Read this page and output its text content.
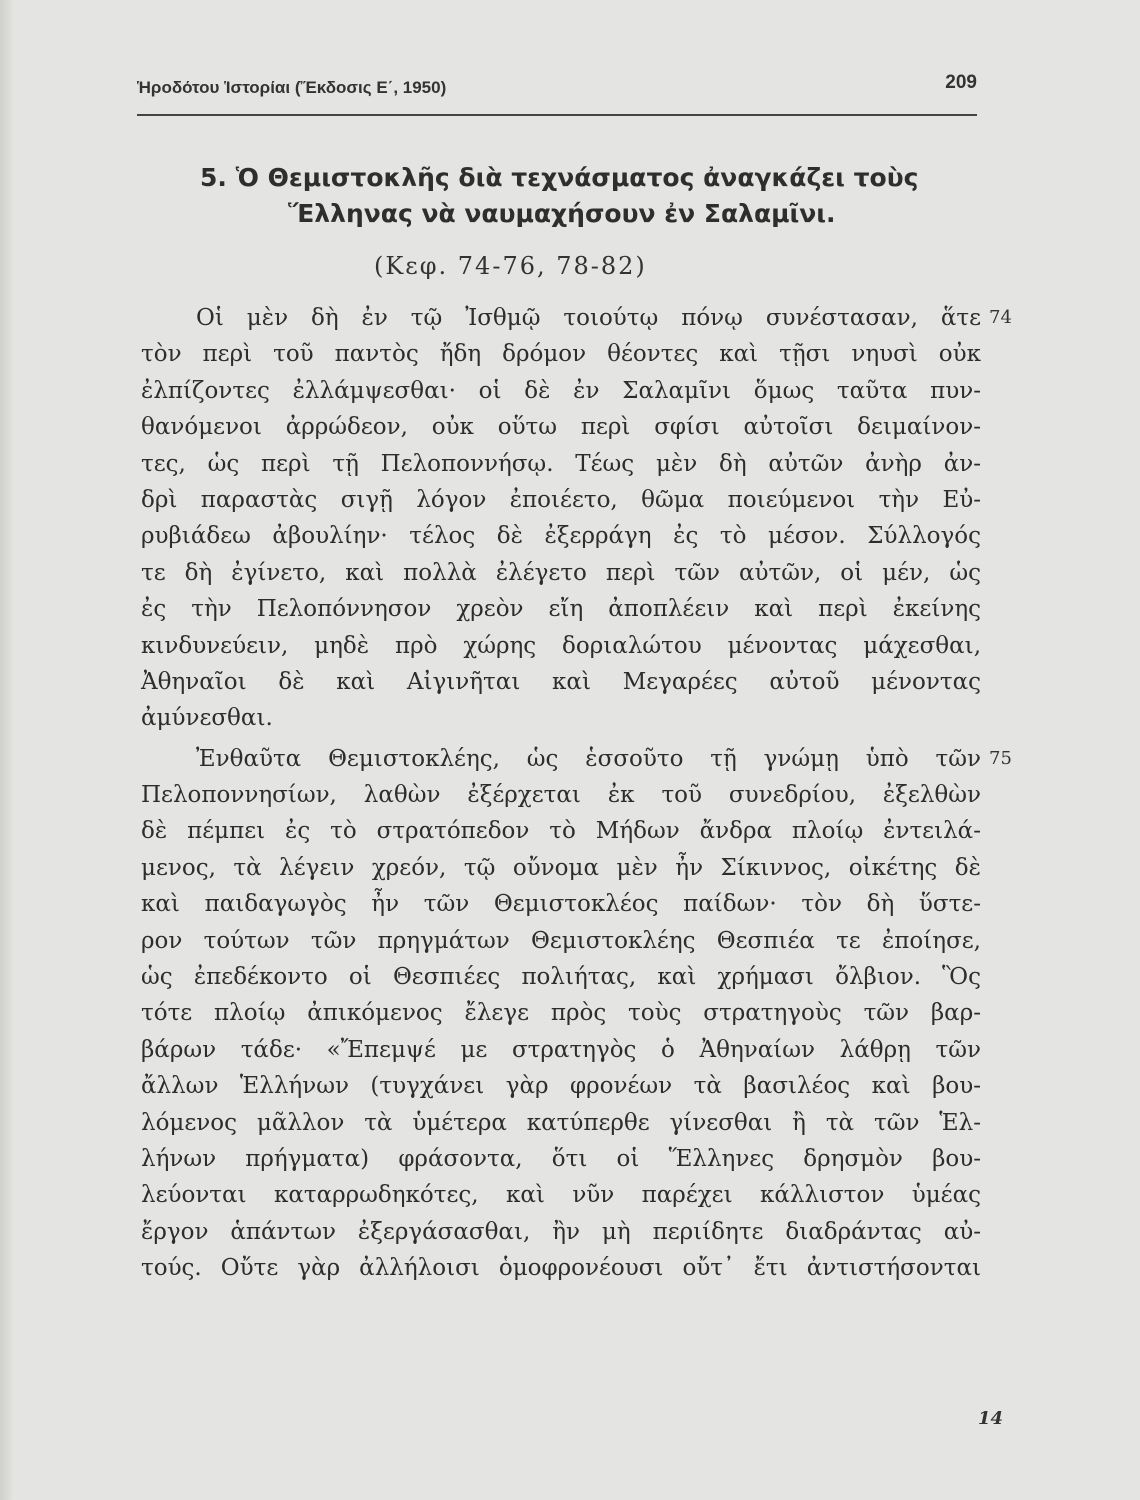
Ἡροδότου Ἱστορίαι (Ἔκδοσις Ε΄, 1950)	209
5. Ὁ Θεμιστοκλῆς διὰ τεχνάσματος ἀναγκάζει τοὺς
Ἕλληνας νὰ ναυμαχήσουν ἐν Σαλαμῖνι.
(Κεφ. 74-76, 78-82)
Οἱ μὲν δὴ ἐν τῷ Ἰσθμῷ τοιούτῳ πόνῳ συνέστασαν, ἅτε 74
τὸν περὶ τοῦ παντὸς ἤδη δρόμον θέοντες καὶ τῇσι νηυσὶ οὐκ
ἐλπίζοντες ἐλλάμψεσθαι· οἱ δὲ ἐν Σαλαμῖνι ὅμως ταῦτα πυν-
θανόμενοι ἀρρώδεον, οὐκ οὕτω περὶ σφίσι αὐτοῖσι δειμαίνον-
τες, ὡς περὶ τῇ Πελοποννήσῳ. Τέως μὲν δὴ αὐτῶν ἀνὴρ ἀν-
δρὶ παραστὰς σιγῇ λόγον ἐποιέετο, θῶμα ποιεύμενοι τὴν Εὐ-
ρυβιάδεω ἀβουλίην· τέλος δὲ ἐξερράγη ἐς τὸ μέσον. Σύλλογός
τε δὴ ἐγίνετο, καὶ πολλὰ ἐλέγετο περὶ τῶν αὐτῶν, οἱ μέν, ὡς
ἐς τὴν Πελοπόννησον χρεὸν εἴη ἀποπλέειν καὶ περὶ ἐκείνης
κινδυνεύειν, μηδὲ πρὸ χώρης δοριαλώτου μένοντας μάχεσθαι,
Ἀθηναῖοι δὲ καὶ Αἰγινῆται καὶ Μεγαρέες αὐτοῦ μένοντας
ἀμύνεσθαι.
Ἐνθαῦτα Θεμιστοκλέης, ὡς ἑσσοῦτο τῇ γνώμῃ ὑπὸ τῶν 75
Πελοποννησίων, λαθὼν ἐξέρχεται ἐκ τοῦ συνεδρίου, ἐξελθὼν
δὲ πέμπει ἐς τὸ στρατόπεδον τὸ Μήδων ἄνδρα πλοίῳ ἐντειλά-
μενος, τὰ λέγειν χρεόν, τῷ οὔνομα μὲν ἦν Σίκιννος, οἰκέτης δὲ
καὶ παιδαγωγὸς ἦν τῶν Θεμιστοκλέος παίδων· τὸν δὴ ὕστε-
ρον τούτων τῶν πρηγμάτων Θεμιστοκλέης Θεσπιέα τε ἐποίησε,
ὡς ἐπεδέκοντο οἱ Θεσπιέες πολιήτας, καὶ χρήμασι ὄλβιον. Ὃς
τότε πλοίῳ ἀπικόμενος ἔλεγε πρὸς τοὺς στρατηγοὺς τῶν βαρ-
βάρων τάδε· «Ἔπεμψέ με στρατηγὸς ὁ Ἀθηναίων λάθρῃ τῶν
ἄλλων Ἑλλήνων (τυγχάνει γὰρ φρονέων τὰ βασιλέος καὶ βου-
λόμενος μᾶλλον τὰ ὑμέτερα κατύπερθε γίνεσθαι ἢ τὰ τῶν Ἑλ-
λήνων πρήγματα) φράσοντα, ὅτι οἱ Ἕλληνες δρησμὸν βου-
λεύονται καταρρωδηκότες, καὶ νῦν παρέχει κάλλιστον ὑμέας
ἔργον ἁπάντων ἐξεργάσασθαι, ἢν μὴ περιίδητε διαδράντας αὐ-
τούς. Οὔτε γὰρ ἀλλήλοισι ὁμοφρονέουσι οὔτ᾽ ἔτι ἀντιστήσονται
14
